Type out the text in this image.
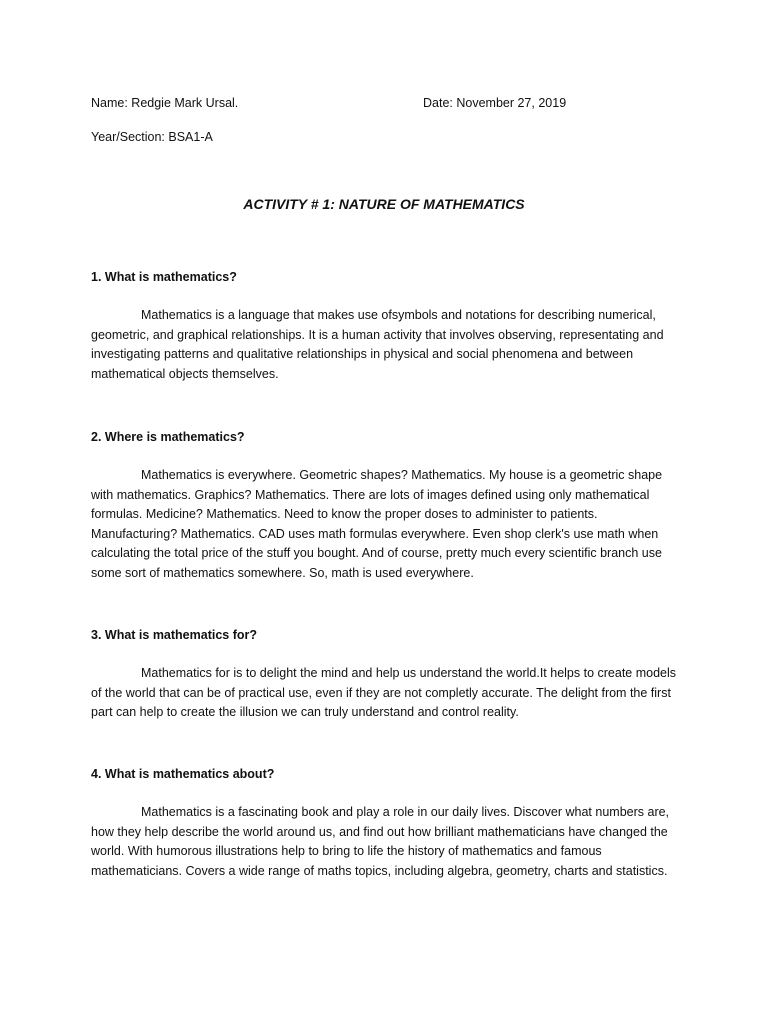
Name: Redgie Mark Ursal.	Date: November 27, 2019
Year/Section: BSA1-A
ACTIVITY # 1: NATURE OF MATHEMATICS

1. What is mathematics?

Mathematics is a language that makes use ofsymbols and notations for describing numerical, geometric, and graphical relationships. It is a human activity that involves observing, representating and investigating patterns and qualitative relationships in physical and social phenomena and between mathematical objects themselves.

2. Where is mathematics?

Mathematics is everywhere. Geometric shapes? Mathematics. My house is a geometric shape with mathematics. Graphics? Mathematics. There are lots of images defined using only mathematical formulas. Medicine? Mathematics. Need to know the proper doses to administer to patients. Manufacturing? Mathematics. CAD uses math formulas everywhere. Even shop clerk's use math when calculating the total price of the stuff you bought. And of course, pretty much every scientific branch use some sort of mathematics somewhere. So, math is used everywhere.

3. What is mathematics for?

Mathematics for is to delight the mind and help us understand the world.It helps to create models of the world that can be of practical use, even if they are not completly accurate. The delight from the first part can help to create the illusion we can truly understand and control reality.

4. What is mathematics about?

Mathematics is a fascinating book and play a role in our daily lives. Discover what numbers are, how they help describe the world around us, and find out how brilliant mathematicians have changed the world. With humorous illustrations help to bring to life the history of mathematics and famous mathematicians. Covers a wide range of maths topics, including algebra, geometry, charts and statistics.
